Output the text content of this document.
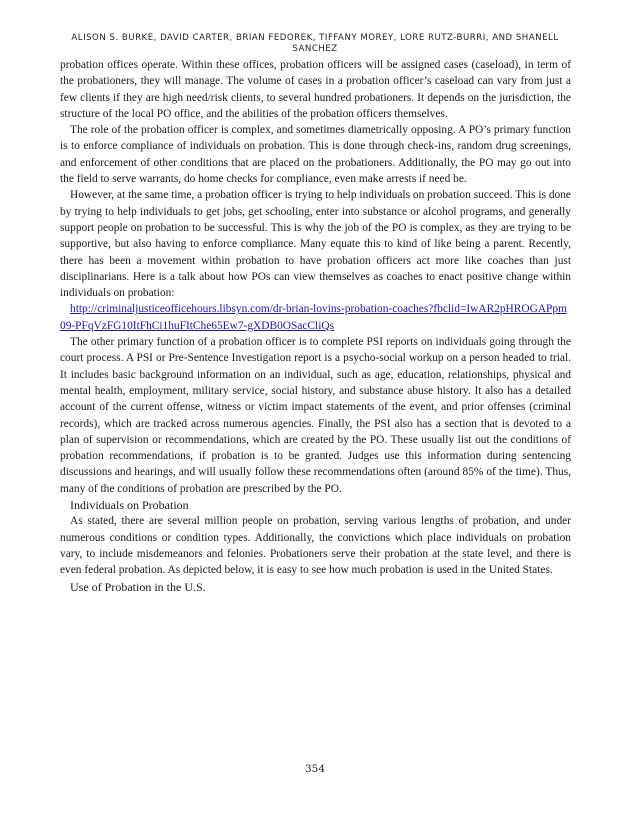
ALISON S. BURKE, DAVID CARTER, BRIAN FEDOREK, TIFFANY MOREY, LORE RUTZ-BURRI, AND SHANELL SANCHEZ

probation offices operate. Within these offices, probation officers will be assigned cases (caseload), in term of the probationers, they will manage. The volume of cases in a probation officer’s caseload can vary from just a few clients if they are high need/risk clients, to several hundred probationers. It depends on the jurisdiction, the structure of the local PO office, and the abilities of the probation officers themselves.

The role of the probation officer is complex, and sometimes diametrically opposing. A PO’s primary function is to enforce compliance of individuals on probation. This is done through check-ins, random drug screenings, and enforcement of other conditions that are placed on the probationers. Additionally, the PO may go out into the field to serve warrants, do home checks for compliance, even make arrests if need be.

However, at the same time, a probation officer is trying to help individuals on probation succeed. This is done by trying to help individuals to get jobs, get schooling, enter into substance or alcohol programs, and generally support people on probation to be successful. This is why the job of the PO is complex, as they are trying to be supportive, but also having to enforce compliance. Many equate this to kind of like being a parent. Recently, there has been a movement within probation to have probation officers act more like coaches than just disciplinarians. Here is a talk about how POs can view themselves as coaches to enact positive change within individuals on probation:

http://criminaljusticeofficehours.libsyn.com/dr-brian-lovins-probation-coaches?fbclid=IwAR2pHROGAPpm09-PFqVzFG10ItFhCi1huFItChe65Ew7-gXDB0OSacCliQs

The other primary function of a probation officer is to complete PSI reports on individuals going through the court process. A PSI or Pre-Sentence Investigation report is a psycho-social workup on a person headed to trial. It includes basic background information on an individual, such as age, education, relationships, physical and mental health, employment, military service, social history, and substance abuse history. It also has a detailed account of the current offense, witness or victim impact statements of the event, and prior offenses (criminal records), which are tracked across numerous agencies. Finally, the PSI also has a section that is devoted to a plan of supervision or recommendations, which are created by the PO. These usually list out the conditions of probation recommendations, if probation is to be granted. Judges use this information during sentencing discussions and hearings, and will usually follow these recommendations often (around 85% of the time). Thus, many of the conditions of probation are prescribed by the PO.

Individuals on Probation

As stated, there are several million people on probation, serving various lengths of probation, and under numerous conditions or condition types. Additionally, the convictions which place individuals on probation vary, to include misdemeanors and felonies. Probationers serve their probation at the state level, and there is even federal probation. As depicted below, it is easy to see how much probation is used in the United States.

Use of Probation in the U.S.

354
